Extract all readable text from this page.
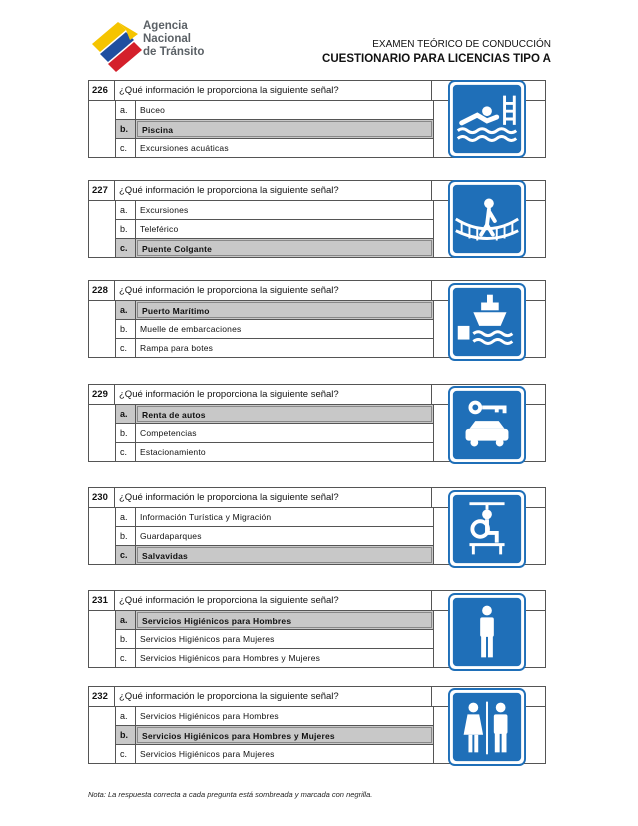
Agencia
Nacional
de Tránsito
EXAMEN TEÓRICO DE CONDUCCIÓN
CUESTIONARIO PARA LICENCIAS TIPO A
226	¿Qué información le proporciona la siguiente señal?
a.	Buceo
b.	Piscina
c.	Excursiones acuáticas
227	¿Qué información le proporciona la siguiente señal?
a.	Excursiones
b.	Teleférico
c.	Puente Colgante
228	¿Qué información le proporciona la siguiente señal?
a.	Puerto Marítimo
b.	Muelle de embarcaciones
c.	Rampa para botes
229	¿Qué información le proporciona la siguiente señal?
a.	Renta de autos
b.	Competencias
c.	Estacionamiento
230	¿Qué información le proporciona la siguiente señal?
a.	Información Turística y Migración
b.	Guardaparques
c.	Salvavidas
231	¿Qué información le proporciona la siguiente señal?
a.	Servicios Higiénicos para Hombres
b.	Servicios Higiénicos para Mujeres
c.	Servicios Higiénicos para Hombres y Mujeres
232	¿Qué información le proporciona la siguiente señal?
a.	Servicios Higiénicos para Hombres
b.	Servicios Higiénicos para Hombres y Mujeres
c.	Servicios Higiénicos para Mujeres
Nota: La respuesta correcta a cada pregunta está sombreada y marcada con negrilla.
